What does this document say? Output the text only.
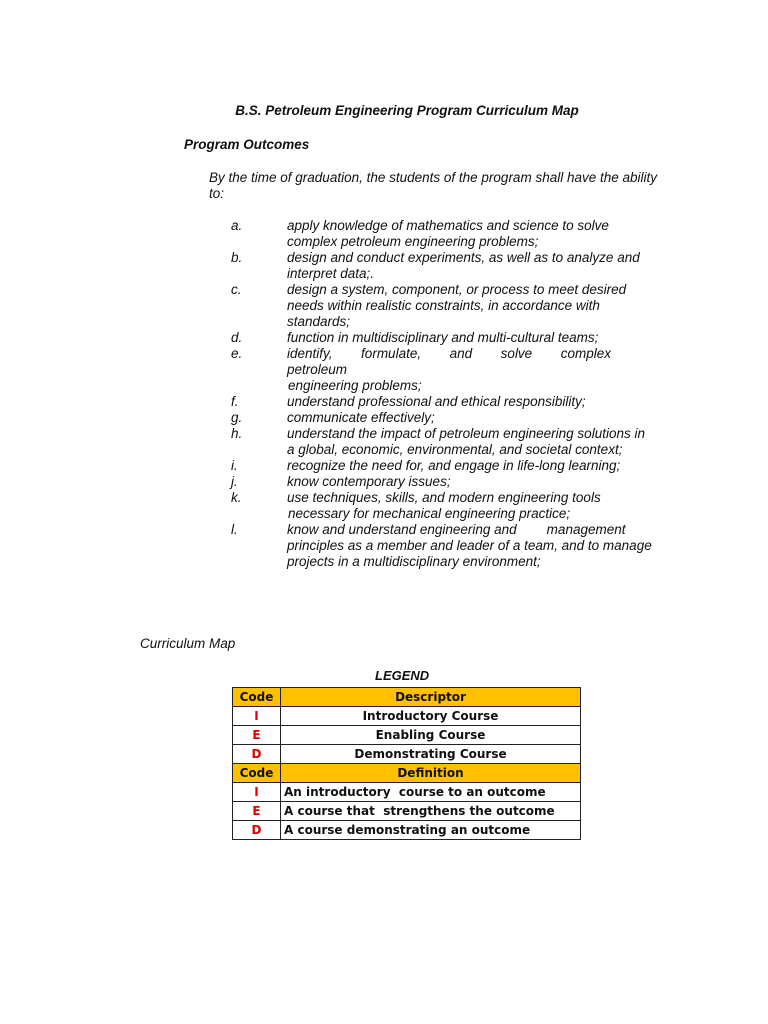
B.S. Petroleum Engineering Program Curriculum Map
Program Outcomes
By the time of graduation, the students of the program shall have the ability to:
a.	apply knowledge of mathematics and science to solve
complex petroleum engineering problems;
b.	design and conduct experiments, as well as to analyze and
interpret data;.
c.	design a system, component, or process to meet desired
needs within realistic constraints, in accordance with
standards;
d.	function in multidisciplinary and multi-cultural teams;
e.	identify, formulate, and solve complex
petroleum
engineering problems;
f.	understand professional and ethical responsibility;
g.	communicate effectively;
h.	understand the impact of petroleum engineering solutions in
a global, economic, environmental, and societal context;
i.	recognize the need for, and engage in life-long learning;
j.	know contemporary issues;
k.	use techniques, skills, and modern engineering tools
necessary for mechanical engineering practice;
l.	know and understand engineering and        management
principles as a member and leader of a team, and to manage
projects in a multidisciplinary environment;
Curriculum Map
LEGEND
Code	Descriptor
I	Introductory Course
E	Enabling Course
D	Demonstrating Course
Code	Definition
I	An introductory  course to an outcome
E	A course that  strengthens the outcome
D	A course demonstrating an outcome
